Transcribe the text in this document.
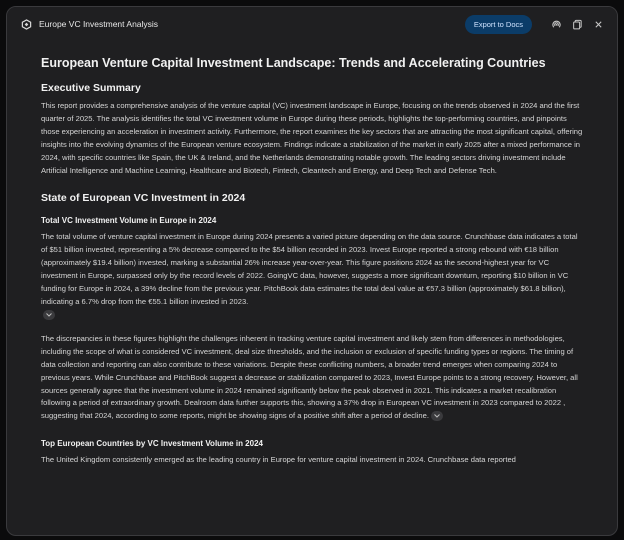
Europe VC Investment Analysis	Export to Docs
European Venture Capital Investment Landscape: Trends and Accelerating Countries
Executive Summary

This report provides a comprehensive analysis of the venture capital (VC) investment landscape in Europe, focusing on the trends observed in 2024 and the first quarter of 2025. The analysis identifies the total VC investment volume in Europe during these periods, highlights the top-performing countries, and pinpoints those experiencing an acceleration in investment activity. Furthermore, the report examines the key sectors that are attracting the most significant capital, offering insights into the evolving dynamics of the European venture ecosystem. Findings indicate a stabilization of the market in early 2025 after a mixed performance in 2024, with specific countries like Spain, the UK & Ireland, and the Netherlands demonstrating notable growth. The leading sectors driving investment include Artificial Intelligence and Machine Learning, Healthcare and Biotech, Fintech, Cleantech and Energy, and Deep Tech and Defense Tech.

State of European VC Investment in 2024
Total VC Investment Volume in Europe in 2024

The total volume of venture capital investment in Europe during 2024 presents a varied picture depending on the data source. Crunchbase data indicates a total of $51 billion invested, representing a 5% decrease compared to the $54 billion recorded in 2023. Invest Europe reported a strong rebound with €18 billion (approximately $19.4 billion) invested, marking a substantial 26% increase year-over-year. This figure positions 2024 as the second-highest year for VC investment in Europe, surpassed only by the record levels of 2022. GoingVC data, however, suggests a more significant downturn, reporting $10 billion in VC funding for Europe in 2024, a 39% decline from the previous year. PitchBook data estimates the total deal value at €57.3 billion (approximately $61.8 billion), indicating a 6.7% drop from the €55.1 billion invested in 2023.

The discrepancies in these figures highlight the challenges inherent in tracking venture capital investment and likely stem from differences in methodologies, including the scope of what is considered VC investment, deal size thresholds, and the inclusion or exclusion of specific funding types or regions. The timing of data collection and reporting can also contribute to these variations. Despite these conflicting numbers, a broader trend emerges when comparing 2024 to previous years. While Crunchbase and PitchBook suggest a decrease or stabilization compared to 2023, Invest Europe points to a strong recovery. However, all sources generally agree that the investment volume in 2024 remained significantly below the peak observed in 2021. This indicates a market recalibration following a period of extraordinary growth. Dealroom data further supports this, showing a 37% drop in European VC investment in 2023 compared to 2022 , suggesting that 2024, according to some reports, might be showing signs of a positive shift after a period of decline.

Top European Countries by VC Investment Volume in 2024

The United Kingdom consistently emerged as the leading country in Europe for venture capital investment in 2024. Crunchbase data reported
